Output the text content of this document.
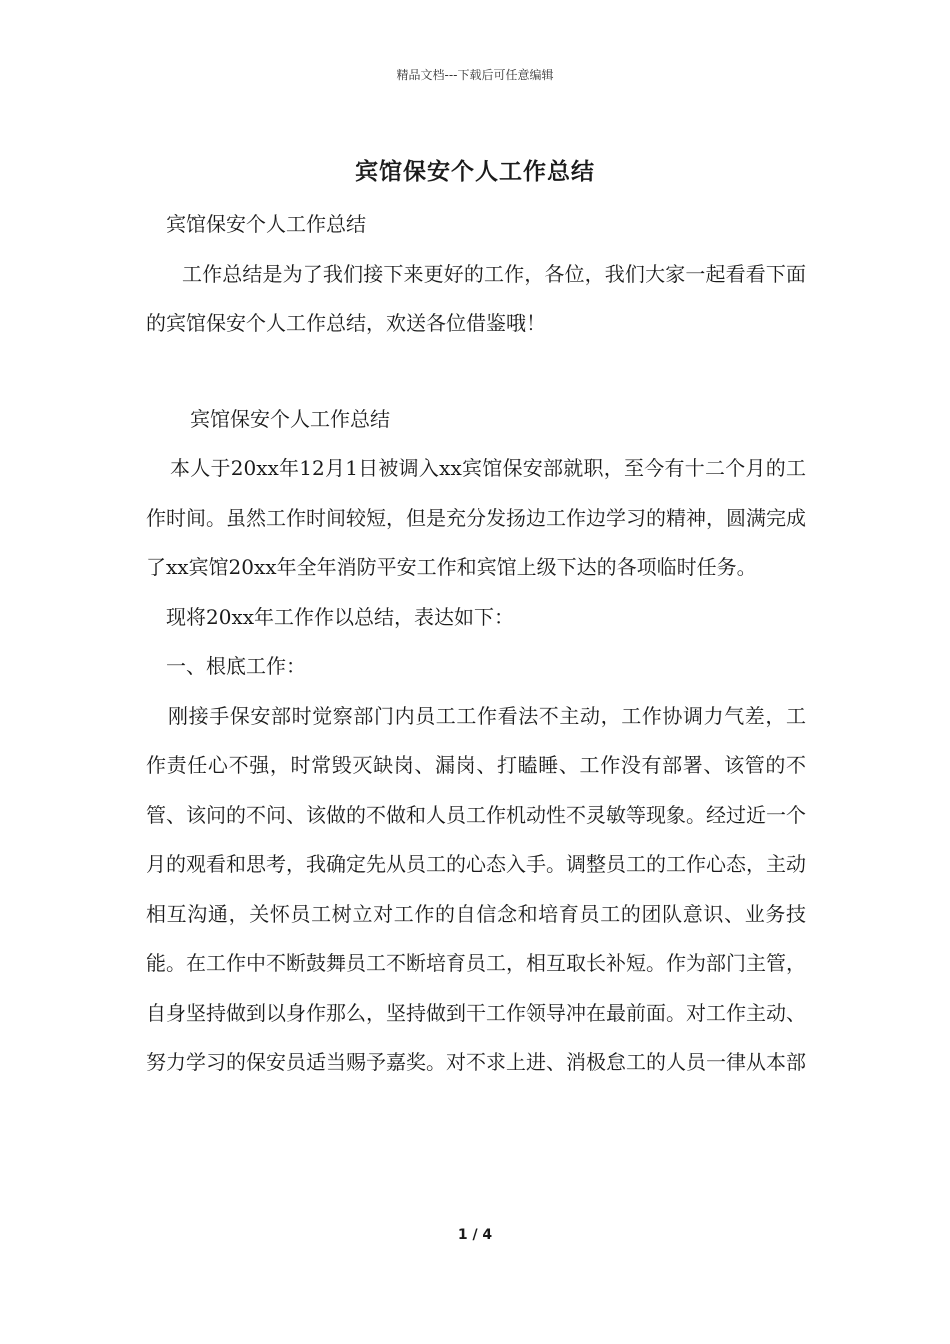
精品文档---下载后可任意编辑
宾馆保安个人工作总结

宾馆保安个人工作总结

工作总结是为了我们接下来更好的工作，各位，我们大家一起看看下面的宾馆保安个人工作总结，欢送各位借鉴哦！

宾馆保安个人工作总结

本人于20xx年12月1日被调入xx宾馆保安部就职，至今有十二个月的工作时间。虽然工作时间较短，但是充分发扬边工作边学习的精神，圆满完成了xx宾馆20xx年全年消防平安工作和宾馆上级下达的各项临时任务。

现将20xx年工作作以总结，表达如下：

一、根底工作：

刚接手保安部时觉察部门内员工工作看法不主动，工作协调力气差，工作责任心不强，时常毁灭缺岗、漏岗、打瞌睡、工作没有部署、该管的不管、该问的不问、该做的不做和人员工作机动性不灵敏等现象。经过近一个月的观看和思考，我确定先从员工的心态入手。调整员工的工作心态，主动相互沟通，关怀员工树立对工作的自信念和培育员工的团队意识、业务技能。在工作中不断鼓舞员工不断培育员工，相互取长补短。作为部门主管，自身坚持做到以身作那么，坚持做到干工作领导冲在最前面。对工作主动、努力学习的保安员适当赐予嘉奖。对不求上进、消极怠工的人员一律从本部

1 / 4
